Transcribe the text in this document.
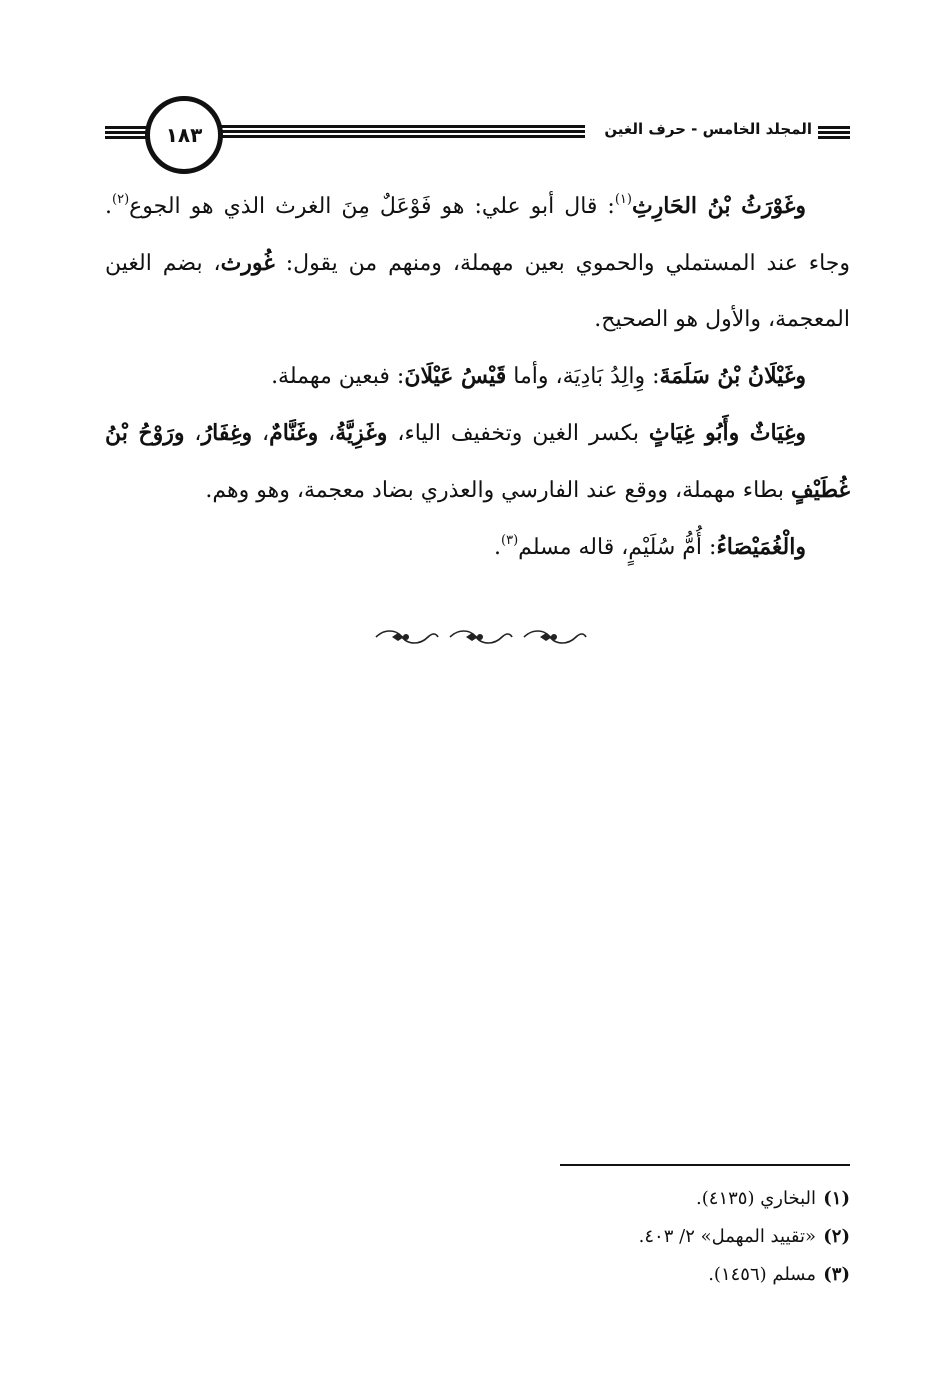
المجلد الخامس - حرف الغين
١٨٣

وغَوْرَثُ بْنُ الحَارِثِ$^{(١)}$: قال أبو علي: هو فَوْعَلٌ مِنَ الغرث الذي هو الجوع$^{(٢)}$. وجاء عند المستملي والحموي بعين مهملة، ومنهم من يقول: غُورث، بضم الغين المعجمة، والأول هو الصحيح.

وغَيْلَانُ بْنُ سَلَمَةَ: وِالِدُ بَادِيَة، وأما قَيْسُ عَيْلَانَ: فبعين مهملة.

وغِيَاثٌ وأَبُو غِيَاثٍ بكسر الغين وتخفيف الياء، وغَزِيَّةُ، وغَنَّامٌ، وغِفَارُ، ورَوْحُ بْنُ غُطَيْفٍ بطاء مهملة، ووقع عند الفارسي والعذري بضاد معجمة، وهو وهم.

والْغُمَيْصَاءُ: أُمُّ سُلَيْمٍ، قاله مسلم$^{(٣)}$.

(١)البخاري (٤١٣٥).
(٢)«تقييد المهمل» ٢/ ٤٠٣.
(٣)مسلم (١٤٥٦).
